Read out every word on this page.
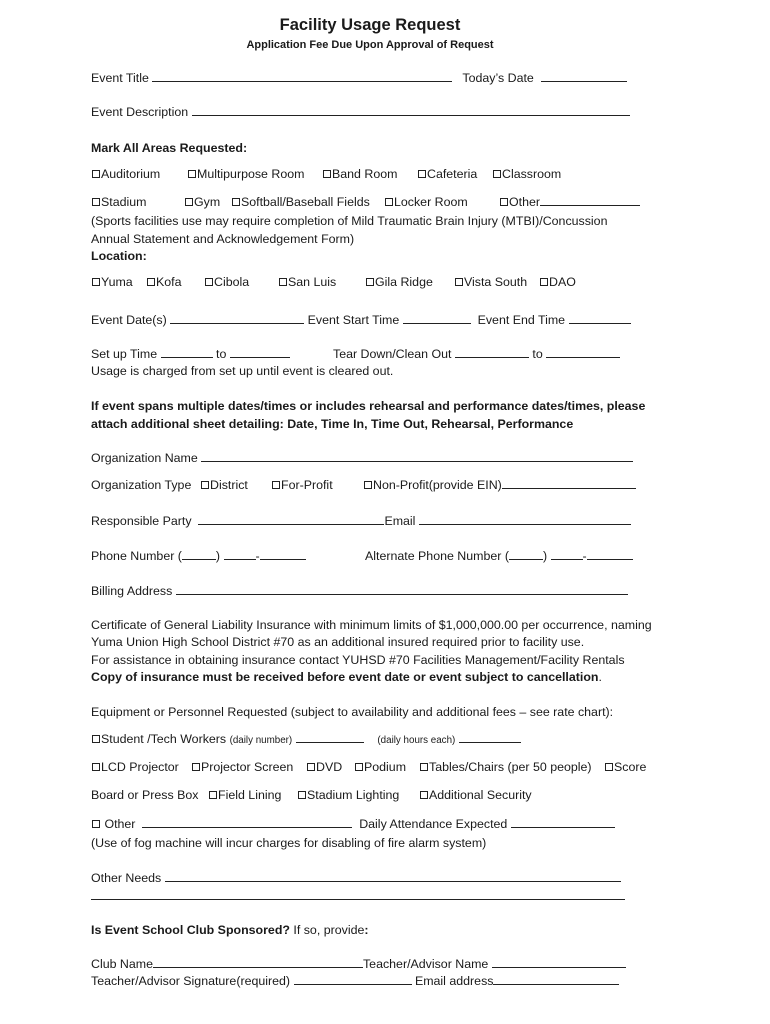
Facility Usage Request
Application Fee Due Upon Approval of Request
Event Title	Today’s Date
Event Description
Mark All Areas Requested:
Auditorium	Multipurpose Room	Band Room	Cafeteria	Classroom
Stadium	Gym	Softball/Baseball Fields	Locker Room	Other
(Sports facilities use may require completion of Mild Traumatic Brain Injury (MTBI)/Concussion
Annual Statement and Acknowledgement Form)
Location:
Yuma	Kofa	Cibola	San Luis	Gila Ridge	Vista South	DAO
Event Date(s)	Event Start Time	Event End Time
Set up Time	to	Tear Down/Clean Out	to
Usage is charged from set up until event is cleared out.
If event spans multiple dates/times or includes rehearsal and performance dates/times, please
attach additional sheet detailing: Date, Time In, Time Out, Rehearsal, Performance
Organization Name
Organization Type	District	For-Profit	Non-Profit(provide EIN)
Responsible Party	Email
Phone Number (	)	-	Alternate Phone Number (	)	-
Billing Address
Certificate of General Liability Insurance with minimum limits of $1,000,000.00 per occurrence, naming
Yuma Union High School District #70 as an additional insured required prior to facility use.
For assistance in obtaining insurance contact YUHSD #70 Facilities Management/Facility Rentals
Copy of insurance must be received before event date or event subject to cancellation.
Equipment or Personnel Requested (subject to availability and additional fees – see rate chart):
Student /Tech Workers (daily number)	(daily hours each)
LCD Projector	Projector Screen	DVD	Podium	Tables/Chairs (per 50 people)	Score
Board or Press Box	Field Lining	Stadium Lighting	Additional Security
Other	Daily Attendance Expected
(Use of fog machine will incur charges for disabling of fire alarm system)
Other Needs
Is Event School Club Sponsored? If so, provide:
Club Name	Teacher/Advisor Name
Teacher/Advisor Signature(required)	Email address
